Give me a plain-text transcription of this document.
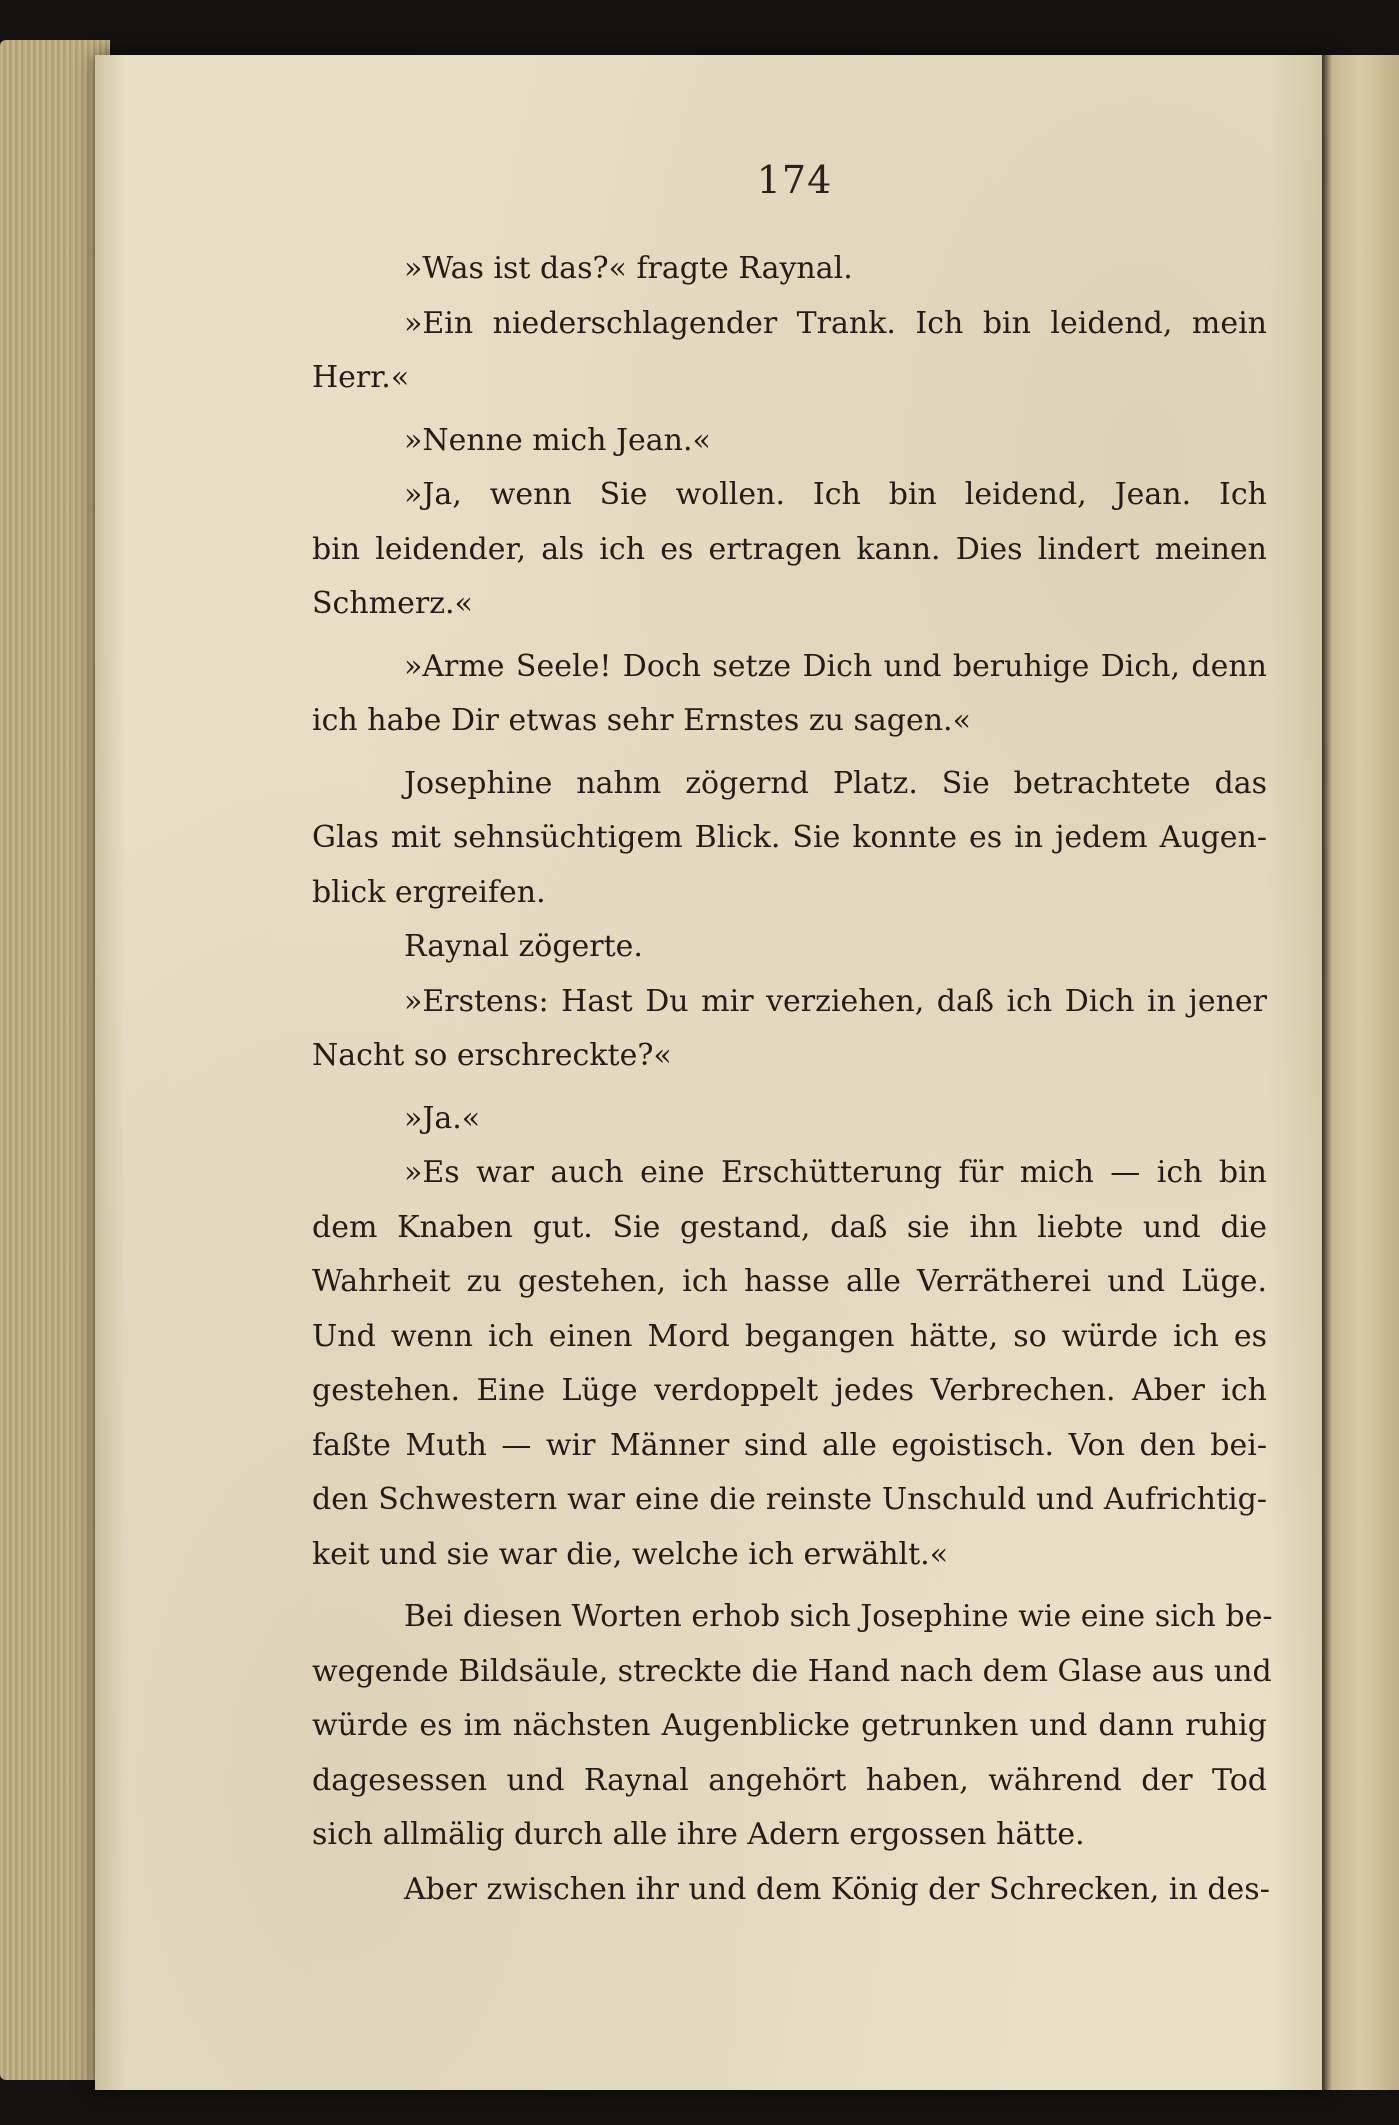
174
»Was ist das?« fragte Raynal.
»Ein niederschlagender Trank. Ich bin leidend, mein
Herr.«
»Nenne mich Jean.«
»Ja, wenn Sie wollen. Ich bin leidend, Jean. Ich
bin leidender, als ich es ertragen kann. Dies lindert meinen
Schmerz.«
»Arme Seele! Doch setze Dich und beruhige Dich, denn
ich habe Dir etwas sehr Ernstes zu sagen.«
Josephine nahm zögernd Platz. Sie betrachtete das
Glas mit sehnsüchtigem Blick. Sie konnte es in jedem Augen-
blick ergreifen.
Raynal zögerte.
»Erstens: Hast Du mir verziehen, daß ich Dich in jener
Nacht so erschreckte?«
»Ja.«
»Es war auch eine Erschütterung für mich — ich bin
dem Knaben gut. Sie gestand, daß sie ihn liebte und die
Wahrheit zu gestehen, ich hasse alle Verrätherei und Lüge.
Und wenn ich einen Mord begangen hätte, so würde ich es
gestehen. Eine Lüge verdoppelt jedes Verbrechen. Aber ich
faßte Muth — wir Männer sind alle egoistisch. Von den bei-
den Schwestern war eine die reinste Unschuld und Aufrichtig-
keit und sie war die, welche ich erwählt.«
Bei diesen Worten erhob sich Josephine wie eine sich be-
wegende Bildsäule, streckte die Hand nach dem Glase aus und
würde es im nächsten Augenblicke getrunken und dann ruhig
dagesessen und Raynal angehört haben, während der Tod
sich allmälig durch alle ihre Adern ergossen hätte.
Aber zwischen ihr und dem König der Schrecken, in des-
